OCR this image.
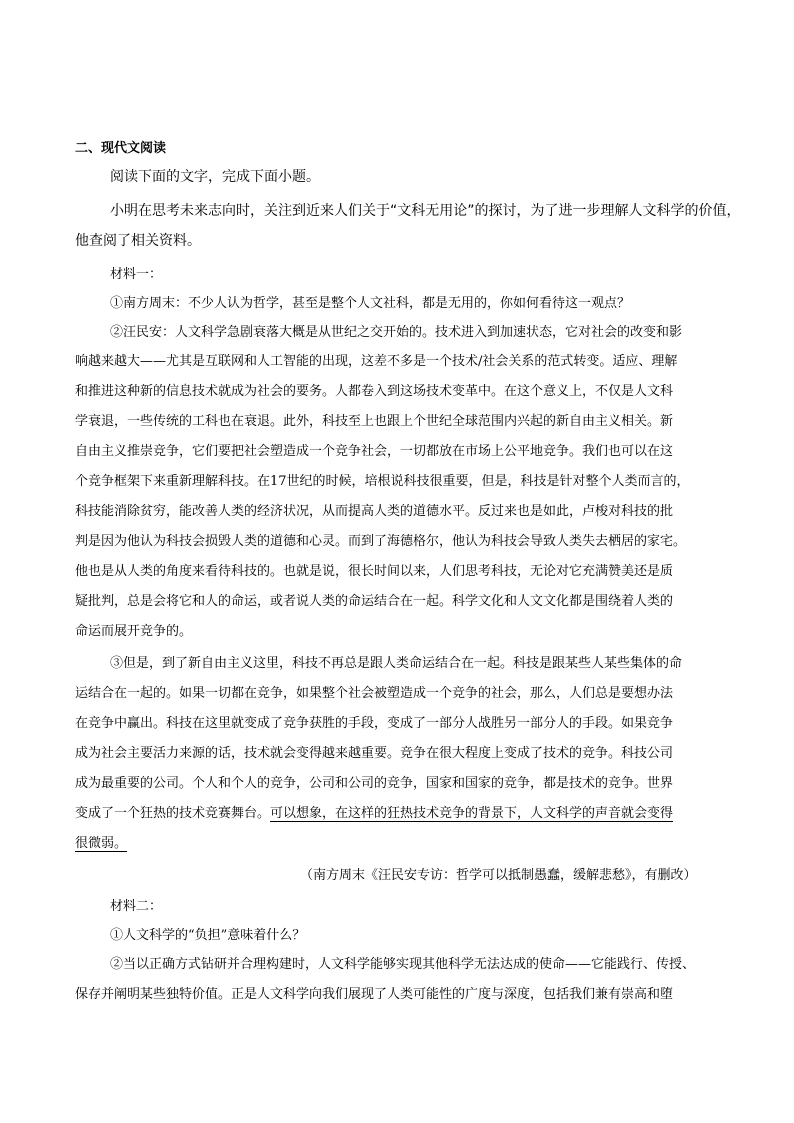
二、现代文阅读
阅读下面的文字，完成下面小题。
小明在思考未来志向时，关注到近来人们关于“文科无用论”的探讨，为了进一步理解人文科学的价值，
他查阅了相关资料。
材料一：
①南方周末：不少人认为哲学，甚至是整个人文社科，都是无用的，你如何看待这一观点？
②汪民安：人文科学急剧衰落大概是从世纪之交开始的。技术进入到加速状态，它对社会的改变和影
响越来越大——尤其是互联网和人工智能的出现，这差不多是一个技术/社会关系的范式转变。适应、理解
和推进这种新的信息技术就成为社会的要务。人都卷入到这场技术变革中。在这个意义上，不仅是人文科
学衰退，一些传统的工科也在衰退。此外，科技至上也跟上个世纪全球范围内兴起的新自由主义相关。新
自由主义推崇竞争，它们要把社会塑造成一个竞争社会，一切都放在市场上公平地竞争。我们也可以在这
个竞争框架下来重新理解科技。在17世纪的时候，培根说科技很重要，但是，科技是针对整个人类而言的，
科技能消除贫穷，能改善人类的经济状况，从而提高人类的道德水平。反过来也是如此，卢梭对科技的批
判是因为他认为科技会损毁人类的道德和心灵。而到了海德格尔，他认为科技会导致人类失去栖居的家宅。
他也是从人类的角度来看待科技的。也就是说，很长时间以来，人们思考科技，无论对它充满赞美还是质
疑批判，总是会将它和人的命运，或者说人类的命运结合在一起。科学文化和人文文化都是围绕着人类的
命运而展开竞争的。
③但是，到了新自由主义这里，科技不再总是跟人类命运结合在一起。科技是跟某些人某些集体的命
运结合在一起的。如果一切都在竞争，如果整个社会被塑造成一个竞争的社会，那么，人们总是要想办法
在竞争中赢出。科技在这里就变成了竞争获胜的手段，变成了一部分人战胜另一部分人的手段。如果竞争
成为社会主要活力来源的话，技术就会变得越来越重要。竞争在很大程度上变成了技术的竞争。科技公司
成为最重要的公司。个人和个人的竞争，公司和公司的竞争，国家和国家的竞争，都是技术的竞争。世界
变成了一个狂热的技术竞赛舞台。可以想象，在这样的狂热技术竞争的背景下，人文科学的声音就会变得
很微弱。
（南方周末《汪民安专访：哲学可以抵制愚蠢，缓解悲愁》，有删改）
材料二：
①人文科学的“负担”意味着什么？
②当以正确方式钻研并合理构建时，人文科学能够实现其他科学无法达成的使命——它能践行、传授、
保存并阐明某些独特价值。正是人文科学向我们展现了人类可能性的广度与深度，包括我们兼有崇高和堕
